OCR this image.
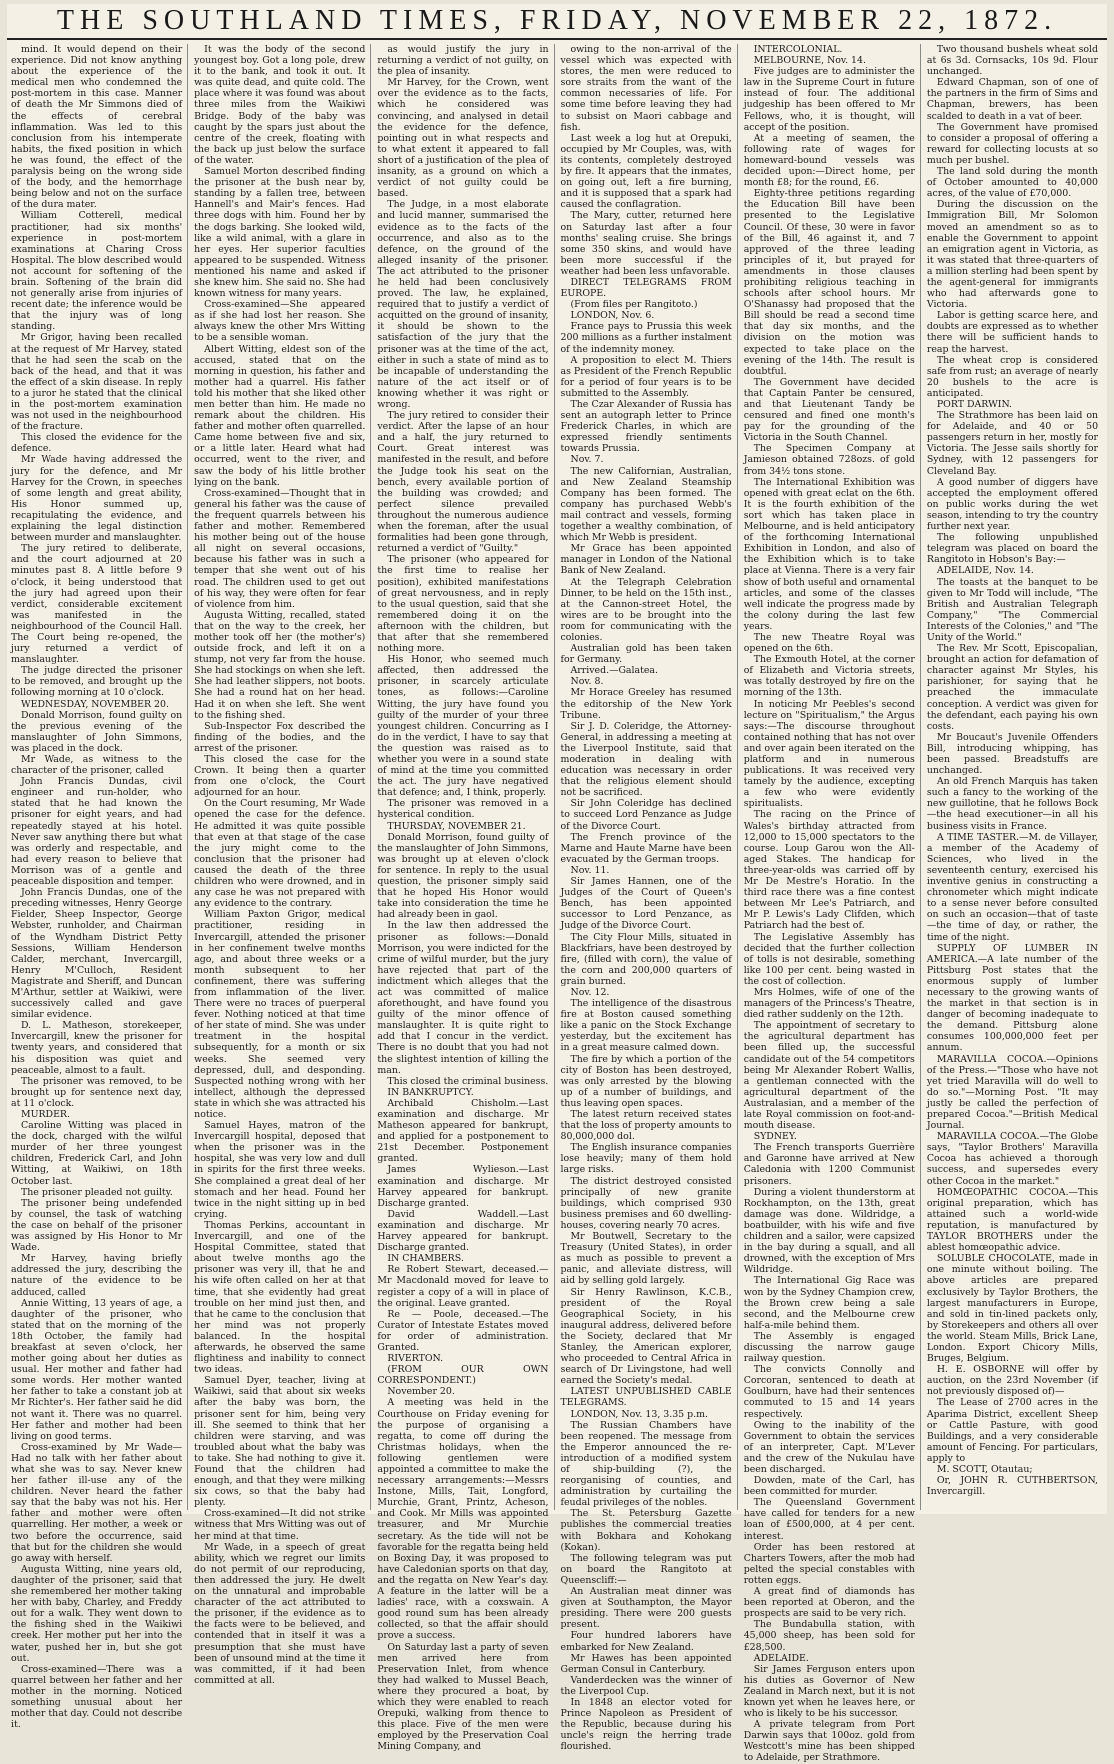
THE SOUTHLAND TIMES, FRIDAY, NOVEMBER 22, 1872.

mind. It would depend on their experience. Did not know anything about the experience of the medical men who condemned the post-mortem in this case. Manner of death the Mr Simmons died of the effects of cerebral inflammation. Was led to this conclusion from his intemperate habits, the fixed position in which he was found, the effect of the paralysis being on the wrong side of the body, and the hemorrhage being below and not on the surface of the dura mater.

William Cotterell, medical practitioner, had six months' experience in post-mortem examinations at Charing Cross Hospital. The blow described would not account for softening of the brain. Softening of the brain did not generally arise from injuries of recent date; the inference would be that the injury was of long standing.

Mr Grigor, having been recalled at the request of Mr Harvey, stated that he had seen the scab on the back of the head, and that it was the effect of a skin disease. In reply to a juror he stated that the clinical in the post-mortem examination was not used in the neighbourhood of the fracture.

This closed the evidence for the defence.

Mr Wade having addressed the jury for the defence, and Mr Harvey for the Crown, in speeches of some length and great ability, His Honor summed up, recapitulating the evidence, and explaining the legal distinction between murder and manslaughter.

The jury retired to deliberate, and the court adjourned at 20 minutes past 8. A little before 9 o'clock, it being understood that the jury had agreed upon their verdict, considerable excitement was manifested in the neighbourhood of the Council Hall. The Court being re-opened, the jury returned a verdict of manslaughter.

The judge directed the prisoner to be removed, and brought up the following morning at 10 o'clock.

WEDNESDAY, NOVEMBER 20.

Donald Morrison, found guilty on the previous evening of the manslaughter of John Simmons, was placed in the dock.

Mr Wade, as witness to the character of the prisoner, called

John Francis Dundas, civil engineer and run-holder, who stated that he had known the prisoner for eight years, and had repeatedly stayed at his hotel. Never saw anything there but what was orderly and respectable, and had every reason to believe that Morrison was of a gentle and peaceable disposition and temper.

John Francis Dundas, one of the preceding witnesses, Henry George Fielder, Sheep Inspector, George Webster, runholder, and Chairman of the Wyndham District Petty Sessions, William Henderson Calder, merchant, Invercargill, Henry M'Culloch, Resident Magistrate and Sheriff, and Duncan M'Arthur, settler at Waikiwi, were successively called and gave similar evidence.

D. L. Matheson, storekeeper, Invercargill, knew the prisoner for twenty years, and considered that his disposition was quiet and peaceable, almost to a fault.

The prisoner was removed, to be brought up for sentence next day, at 11 o'clock.

MURDER.

Caroline Witting was placed in the dock, charged with the wilful murder of her three youngest children, Frederick Carl, and John Witting, at Waikiwi, on 18th October last.

The prisoner pleaded not guilty.

The prisoner being undefended by counsel, the task of watching the case on behalf of the prisoner was assigned by His Honor to Mr Wade.

Mr Harvey, having briefly addressed the jury, describing the nature of the evidence to be adduced, called

Annie Witting, 13 years of age, a daughter of the prisoner, who stated that on the morning of the 18th October, the family had breakfast at seven o'clock, her mother going about her duties as usual. Her mother and father had some words. Her mother wanted her father to take a constant job at Mr Richter's. Her father said he did not want it. There was no quarrel. Her father and mother had been living on good terms.

Cross-examined by Mr Wade—Had no talk with her father about what she was to say. Never knew her father ill-use any of the children. Never heard the father say that the baby was not his. Her father and mother were often quarrelling. Her mother, a week or two before the occurrence, said that but for the children she would go away with herself.

Augusta Witting, nine years old, daughter of the prisoner, said that she remembered her mother taking her with baby, Charley, and Freddy out for a walk. They went down to the fishing shed in the Waikiwi creek. Her mother put her into the water, pushed her in, but she got out.

Cross-examined—There was a quarrel between her father and her mother in the morning. Noticed something unusual about her mother that day. Could not describe it.

It was the body of the second youngest boy. Got a long pole, drew it to the bank, and took it out. It was quite dead, and quite cold. The place where it was found was about three miles from the Waikiwi Bridge. Body of the baby was caught by the spars just about the centre of the creek, floating with the back up just below the surface of the water.

Samuel Morton described finding the prisoner at the bush near by, standing by a fallen tree, between Hannell's and Mair's fences. Had three dogs with him. Found her by the dogs barking. She looked wild, like a wild animal, with a glare in her eyes. Her superior faculties appeared to be suspended. Witness mentioned his name and asked if she knew him. She said no. She had known witness for many years.

Cross-examined—She appeared as if she had lost her reason. She always knew the other Mrs Witting to be a sensible woman.

Albert Witting, eldest son of the accused, stated that on the morning in question, his father and mother had a quarrel. His father told his mother that she liked other men better than him. He made no remark about the children. His father and mother often quarrelled. Came home between five and six, or a little later. Heard what had occurred, went to the river, and saw the body of his little brother lying on the bank.

Cross-examined—Thought that in general his father was the cause of the frequent quarrels between his father and mother. Remembered his mother being out of the house all night on several occasions, because his father was in such a temper that she went out of his road. The children used to get out of his way, they were often for fear of violence from him.

Augusta Witting, recalled, stated that on the way to the creek, her mother took off her (the mother's) outside frock, and left it on a stump, not very far from the house. She had stockings on when she left. She had leather slippers, not boots. She had a round hat on her head. Had it on when she left. She went to the fishing shed.

Sub-Inspector Fox described the finding of the bodies, and the arrest of the prisoner.

This closed the case for the Crown. It being then a quarter from one o'clock, the Court adjourned for an hour.

On the Court resuming, Mr Wade opened the case for the defence. He admitted it was quite possible that even at that stage of the case the jury might come to the conclusion that the prisoner had caused the death of the three children who were drowned, and in any case he was not prepared with any evidence to the contrary.

William Paxton Grigor, medical practitioner, residing in Invercargill, attended the prisoner in her confinement twelve months ago, and about three weeks or a month subsequent to her confinement, there was suffering from inflammation of the liver. There were no traces of puerperal fever. Nothing noticed at that time of her state of mind. She was under treatment in the hospital subsequently, for a month or six weeks. She seemed very depressed, dull, and desponding. Suspected nothing wrong with her intellect, although the depressed state in which she was attracted his notice.

Samuel Hayes, matron of the Invercargill hospital, deposed that when the prisoner was in the hospital, she was very low and dull in spirits for the first three weeks. She complained a great deal of her stomach and her head. Found her twice in the night sitting up in bed crying.

Thomas Perkins, accountant in Invercargill, and one of the Hospital Committee, stated that about twelve months ago the prisoner was very ill, that he and his wife often called on her at that time, that she evidently had great trouble on her mind just then, and that he came to the conclusion that her mind was not properly balanced. In the hospital afterwards, he observed the same flightiness and inability to connect two ideas.

Samuel Dyer, teacher, living at Waikiwi, said that about six weeks after the baby was born, the prisoner sent for him, being very ill. She seemed to think that her children were starving, and was troubled about what the baby was to take. She had nothing to give it. Found that the children had enough, and that they were milking six cows, so that the baby had plenty.

Cross-examined—It did not strike witness that Mrs Witting was out of her mind at that time.

Mr Wade, in a speech of great ability, which we regret our limits do not permit of our reproducing, then addressed the jury. He dwelt on the unnatural and improbable character of the act attributed to the prisoner, if the evidence as to the facts were to be believed, and contended that in itself it was a presumption that she must have been of unsound mind at the time it was committed, if it had been committed at all.

as would justify the jury in returning a verdict of not guilty, on the plea of insanity.

Mr Harvey, for the Crown, went over the evidence as to the facts, which he considered was convincing, and analysed in detail the evidence for the defence, pointing out in what respects and to what extent it appeared to fall short of a justification of the plea of insanity, as a ground on which a verdict of not guilty could be based.

The Judge, in a most elaborate and lucid manner, summarised the evidence as to the facts of the occurrence, and also as to the defence, on the ground of the alleged insanity of the prisoner. The act attributed to the prisoner he held had been conclusively proved. The law, he explained, required that to justify a verdict of acquitted on the ground of insanity, it should be shown to the satisfaction of the jury that the prisoner was at the time of the act, either in such a state of mind as to be incapable of understanding the nature of the act itself or of knowing whether it was right or wrong.

The jury retired to consider their verdict. After the lapse of an hour and a half, the jury returned to Court. Great interest was manifested in the result, and before the Judge took his seat on the bench, every available portion of the building was crowded; and perfect silence prevailed throughout the numerous audience when the foreman, after the usual formalities had been gone through, returned a verdict of "Guilty."

The prisoner (who appeared for the first time to realise her position), exhibited manifestations of great nervousness, and in reply to the usual question, said that she remembered doing it on the afternoon with the children, but that after that she remembered nothing more.

His Honor, who seemed much affected, then addressed the prisoner, in scarcely articulate tones, as follows:—Caroline Witting, the jury have found you guilty of the murder of your three youngest children. Concurring as I do in the verdict, I have to say that the question was raised as to whether you were in a sound state of mind at the time you committed the act. The jury have negatived that defence; and, I think, properly.

The prisoner was removed in a hysterical condition.

THURSDAY, NOVEMBER 21.

Donald Morrison, found guilty of the manslaughter of John Simmons, was brought up at eleven o'clock for sentence. In reply to the usual question, the prisoner simply said that he hoped His Honor would take into consideration the time he had already been in gaol.

In the law then addressed the prisoner as follows:—Donald Morrison, you were indicted for the crime of wilful murder, but the jury have rejected that part of the indictment which alleges that the act was committed of malice aforethought, and have found you guilty of the minor offence of manslaughter. It is quite right to add that I concur in the verdict. There is no doubt that you had not the slightest intention of killing the man.

This closed the criminal business.

IN BANKRUPTCY.

Archibald Chisholm.—Last examination and discharge. Mr Matheson appeared for bankrupt, and applied for a postponement to 21st December. Postponement granted.

James Wylieson.—Last examination and discharge. Mr Harvey appeared for bankrupt. Discharge granted.

David Waddell.—Last examination and discharge. Mr Harvey appeared for bankrupt. Discharge granted.

IN CHAMBERS.

Re Robert Stewart, deceased.—Mr Macdonald moved for leave to register a copy of a will in place of the original. Leave granted.

Re — Poole, deceased.—The Curator of Intestate Estates moved for order of administration. Granted.

RIVERTON.

(FROM OUR OWN CORRESPONDENT.)

November 20.

A meeting was held in the Courthouse on Friday evening for the purpose of organising a regatta, to come off during the Christmas holidays, when the following gentlemen were appointed a committee to make the necessary arrangements:—Messrs Instone, Mills, Tait, Longford, Murchie, Grant, Printz, Acheson, and Cook. Mr Mills was appointed treasurer, and Mr Murchie secretary. As the tide will not be favorable for the regatta being held on Boxing Day, it was proposed to have Caledonian sports on that day, and the regatta on New Year's day. A feature in the latter will be a ladies' race, with a coxswain. A good round sum has been already collected, so that the affair should prove a success.

On Saturday last a party of seven men arrived here from Preservation Inlet, from whence they had walked to Mussel Beach, where they procured a boat, by which they were enabled to reach Orepuki, walking from thence to this place. Five of the men were employed by the Preservation Coal Mining Company, and

owing to the non-arrival of the vessel which was expected with stores, the men were reduced to sore straits from the want of the common necessaries of life. For some time before leaving they had to subsist on Maori cabbage and fish.

Last week a log hut at Orepuki, occupied by Mr Couples, was, with its contents, completely destroyed by fire. It appears that the inmates, on going out, left a fire burning, and it is supposed that a spark had caused the conflagration.

The Mary, cutter, returned here on Saturday last after a four months' sealing cruise. She brings some 350 skins, and would have been more successful if the weather had been less unfavorable.

DIRECT TELEGRAMS FROM EUROPE.

(From files per Rangitoto.)

LONDON, Nov. 6.

France pays to Prussia this week 200 millions as a further instalment of the indemnity money.

A proposition to elect M. Thiers as President of the French Republic for a period of four years is to be submitted to the Assembly.

The Czar Alexander of Russia has sent an autograph letter to Prince Frederick Charles, in which are expressed friendly sentiments towards Prussia.

Nov. 7.

The new Californian, Australian, and New Zealand Steamship Company has been formed. The company has purchased Webb's mail contract and vessels, forming together a wealthy combination, of which Mr Webb is president.

Mr Grace has been appointed manager in London of the National Bank of New Zealand.

At the Telegraph Celebration Dinner, to be held on the 15th inst., at the Cannon-street Hotel, the wires are to be brought into the room for communicating with the colonies.

Australian gold has been taken for Germany.

Arrived.—Galatea.

Nov. 8.

Mr Horace Greeley has resumed the editorship of the New York Tribune.

Sir J. D. Coleridge, the Attorney-General, in addressing a meeting at the Liverpool Institute, said that moderation in dealing with education was necessary in order that the religious element should not be sacrificed.

Sir John Coleridge has declined to succeed Lord Penzance as Judge of the Divorce Court.

The French province of the Marne and Haute Marne have been evacuated by the German troops.

Nov. 11.

Sir James Hannen, one of the Judges of the Court of Queen's Bench, has been appointed successor to Lord Penzance, as Judge of the Divorce Court.

The City Flour Mills, situated in Blackfriars, have been destroyed by fire, (filled with corn), the value of the corn and 200,000 quarters of grain burned.

Nov. 12.

The intelligence of the disastrous fire at Boston caused something like a panic on the Stock Exchange yesterday, but the excitement has in a great measure calmed down.

The fire by which a portion of the city of Boston has been destroyed, was only arrested by the blowing up of a number of buildings, and thus leaving open spaces.

The latest return received states that the loss of property amounts to 80,000,000 dol.

The English insurance companies lose heavily; many of them hold large risks.

The district destroyed consisted principally of new granite buildings, which comprised 930 business premises and 60 dwelling-houses, covering nearly 70 acres.

Mr Boutwell, Secretary to the Treasury (United States), in order as much as possible to prevent a panic, and alleviate distress, will aid by selling gold largely.

Sir Henry Rawlinson, K.C.B., president of the Royal Geographical Society, in his inaugural address, delivered before the Society, declared that Mr Stanley, the American explorer, who proceeded to Central Africa in search of Dr Livingstone, had well earned the Society's medal.

LATEST UNPUBLISHED CABLE TELEGRAMS.

LONDON, Nov. 13, 3.35 p.m.

The Russian Chambers have been reopened. The message from the Emperor announced the re-introduction of a modified system of ship-building (?), the reorganising of counties, and administration by curtailing the feudal privileges of the nobles.

The St. Petersburg Gazette publishes the commercial treaties with Bokhara and Kohokang (Kokan).

The following telegram was put on board the Rangitoto at Queenscliff:—

An Australian meat dinner was given at Southampton, the Mayor presiding. There were 200 guests present.

Four hundred laborers have embarked for New Zealand.

Mr Hawes has been appointed German Consul in Canterbury.

Vanderdecken was the winner of the Liverpool Cup.

In 1848 an elector voted for Prince Napoleon as President of the Republic, because during his uncle's reign the herring trade flourished.

INTERCOLONIAL.

MELBOURNE, Nov. 14.

Five judges are to administer the law in the Supreme Court in future instead of four. The additional judgeship has been offered to Mr Fellows, who, it is thought, will accept of the position.

At a meeting of seamen, the following rate of wages for homeward-bound vessels was decided upon:—Direct home, per month £8; for the round, £6.

Eighty-three petitions regarding the Education Bill have been presented to the Legislative Council. Of these, 30 were in favor of the Bill, 46 against it, and 7 approved of the three leading principles of it, but prayed for amendments in those clauses prohibiting religious teaching in schools after school hours. Mr O'Shanassy had proposed that the Bill should be read a second time that day six months, and the division on the motion was expected to take place on the evening of the 14th. The result is doubtful.

The Government have decided that Captain Panter be censured, and that Lieutenant Tandy be censured and fined one month's pay for the grounding of the Victoria in the South Channel.

The Specimen Company at Jamieson obtained 728ozs. of gold from 34½ tons stone.

The International Exhibition was opened with great eclat on the 6th. It is the fourth exhibition of the sort which has taken place in Melbourne, and is held anticipatory of the forthcoming International Exhibition in London, and also of the Exhibition which is to take place at Vienna. There is a very fair show of both useful and ornamental articles, and some of the classes well indicate the progress made by the colony during the last few years.

The new Theatre Royal was opened on the 6th.

The Exmouth Hotel, at the corner of Elizabeth and Victoria streets, was totally destroyed by fire on the morning of the 13th.

In noticing Mr Peebles's second lecture on "Spiritualism," the Argus says:—The discourse throughout contained nothing that has not over and over again been iterated on the platform and in numerous publications. It was received very tamely by the audience, excepting a few who were evidently spiritualists.

The racing on the Prince of Wales's birthday attracted from 12,000 to 15,000 spectators to the course. Loup Garou won the All-aged Stakes. The handicap for three-year-olds was carried off by Mr De Mestre's Horatio. In the third race there was a fine contest between Mr Lee's Patriarch, and Mr P. Lewis's Lady Clifden, which Patriarch had the best of.

The Legislative Assembly has decided that the further collection of tolls is not desirable, something like 100 per cent. being wasted in the cost of collection.

Mrs Holmes, wife of one of the managers of the Princess's Theatre, died rather suddenly on the 12th.

The appointment of secretary to the agricultural department has been filled up, the successful candidate out of the 54 competitors being Mr Alexander Robert Wallis, a gentleman connected with the agricultural department of the Australasian, and a member of the late Royal commission on foot-and-mouth disease.

SYDNEY.

The French transports Guerrière and Garonne have arrived at New Caledonia with 1200 Communist prisoners.

During a violent thunderstorm at Rockhampton, on the 13th, great damage was done. Wildridge, a boatbuilder, with his wife and five children and a sailor, were capsized in the bay during a squall, and all drowned, with the exception of Mrs Wildridge.

The International Gig Race was won by the Sydney Champion crew, the Brown crew being a sale second, and the Melbourne crew half-a-mile behind them.

The Assembly is engaged discussing the narrow gauge railway question.

The convicts Connolly and Corcoran, sentenced to death at Goulburn, have had their sentences commuted to 15 and 14 years respectively.

Owing to the inability of the Government to obtain the services of an interpreter, Capt. M'Lever and the crew of the Nukulau have been discharged.

Dowden, mate of the Carl, has been committed for murder.

The Queensland Government have called for tenders for a new loan of £500,000, at 4 per cent. interest.

Order has been restored at Charters Towers, after the mob had pelted the special constables with rotten eggs.

A great find of diamonds has been reported at Oberon, and the prospects are said to be very rich.

The Bundabulla station, with 45,000 sheep, has been sold for £28,500.

ADELAIDE.

Sir James Ferguson enters upon his duties as Governor of New Zealand in March next, but it is not known yet when he leaves here, or who is likely to be his successor.

A private telegram from Port Darwin says that 100oz. gold from Westcott's mine has been shipped to Adelaide, per Strathmore.

Two thousand bushels wheat sold at 6s 3d. Cornsacks, 10s 9d. Flour unchanged.

Edward Chapman, son of one of the partners in the firm of Sims and Chapman, brewers, has been scalded to death in a vat of beer.

The Government have promised to consider a proposal of offering a reward for collecting locusts at so much per bushel.

The land sold during the month of October amounted to 40,000 acres, of the value of £70,000.

During the discussion on the Immigration Bill, Mr Solomon moved an amendment so as to enable the Government to appoint an emigration agent in Victoria, as it was stated that three-quarters of a million sterling had been spent by the agent-general for immigrants who had afterwards gone to Victoria.

Labor is getting scarce here, and doubts are expressed as to whether there will be sufficient hands to reap the harvest.

The wheat crop is considered safe from rust; an average of nearly 20 bushels to the acre is anticipated.

PORT DARWIN.

The Strathmore has been laid on for Adelaide, and 40 or 50 passengers return in her, mostly for Victoria. The Jesse sails shortly for Sydney, with 12 passengers for Cleveland Bay.

A good number of diggers have accepted the employment offered on public works during the wet season, intending to try the country further next year.

The following unpublished telegram was placed on board the Rangitoto in Hobson's Bay:—

ADELAIDE, Nov. 14.

The toasts at the banquet to be given to Mr Todd will include, "The British and Australian Telegraph Company," "The Commercial Interests of the Colonies," and "The Unity of the World."

The Rev. Mr Scott, Episcopalian, brought an action for defamation of character against Mr Styles, his parishioner, for saying that he preached the immaculate conception. A verdict was given for the defendant, each paying his own costs.

Mr Boucaut's Juvenile Offenders Bill, introducing whipping, has been passed. Breadstuffs are unchanged.

An old French Marquis has taken such a fancy to the working of the new guillotine, that he follows Bock—the head executioner—in all his business visits in France.

A TIME TASTER.—M. de Villayer, a member of the Academy of Sciences, who lived in the seventeenth century, exercised his inventive genius in constructing a chronometer which might indicate to a sense never before consulted on such an occasion—that of taste—the time of day, or rather, the time of the night.

SUPPLY OF LUMBER IN AMERICA.—A late number of the Pittsburg Post states that the enormous supply of lumber necessary to the growing wants of the market in that section is in danger of becoming inadequate to the demand. Pittsburg alone consumes 100,000,000 feet per annum.

MARAVILLA COCOA.—Opinions of the Press.—"Those who have not yet tried Maravilla will do well to do so."—Morning Post. "It may justly be called the perfection of prepared Cocoa."—British Medical Journal.

MARAVILLA COCOA.—The Globe says, "Taylor Brothers' Maravilla Cocoa has achieved a thorough success, and supersedes every other Cocoa in the market."

HOMŒOPATHIC COCOA.—This original preparation, which has attained such a world-wide reputation, is manufactured by TAYLOR BROTHERS under the ablest homœopathic advice.

SOLUBLE CHOCOLATE, made in one minute without boiling. The above articles are prepared exclusively by Taylor Brothers, the largest manufacturers in Europe, and sold in tin-lined packets only, by Storekeepers and others all over the world. Steam Mills, Brick Lane, London. Export Chicory Mills, Bruges, Belgium.

H. E. OSBORNE will offer by auction, on the 23rd November (if not previously disposed of)—

The Lease of 2700 acres in the Aparima District, excellent Sheep or Cattle Pasture, with good Buildings, and a very considerable amount of Fencing. For particulars, apply to

M. SCOTT, Otautau;

Or, JOHN R. CUTHBERTSON, Invercargill.
